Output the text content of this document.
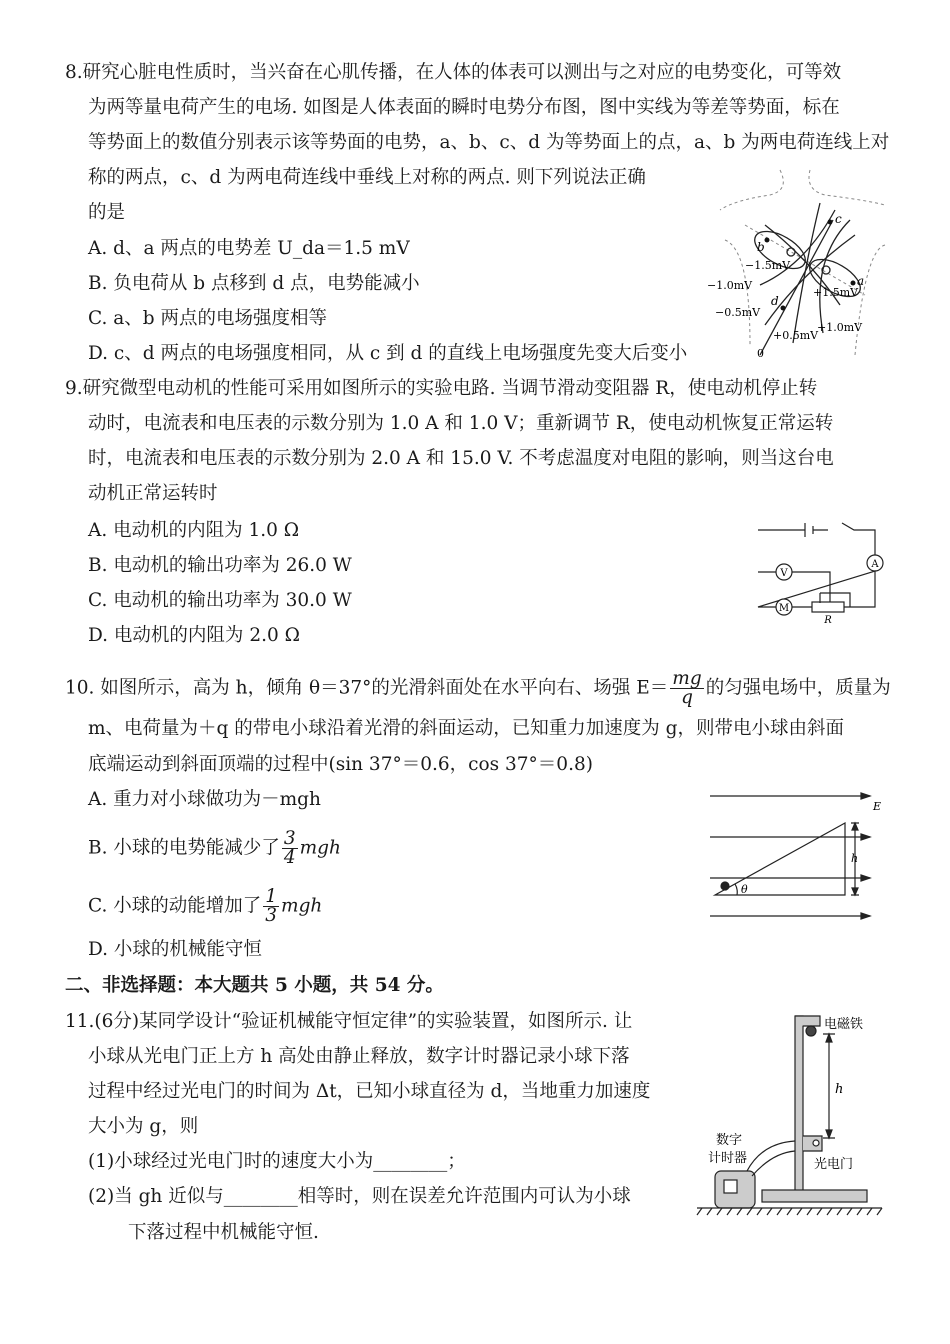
8.研究心脏电性质时，当兴奋在心肌传播，在人体的体表可以测出与之对应的电势变化，可等效
为两等量电荷产生的电场. 如图是人体表面的瞬时电势分布图，图中实线为等差等势面，标在
等势面上的数值分别表示该等势面的电势，a、b、c、d 为等势面上的点，a、b 为两电荷连线上对
称的两点，c、d 为两电荷连线中垂线上对称的两点. 则下列说法正确
的是
A. d、a 两点的电势差 U_da＝1.5 mV
B. 负电荷从 b 点移到 d 点，电势能减小
C. a、b 两点的电场强度相等
D. c、d 两点的电场强度相同，从 c 到 d 的直线上电场强度先变大后变小
−1.5mV
−1.0mV
−0.5mV
0
+0.5mV
+1.0mV
+1.5mV
a
b
c
d
9.研究微型电动机的性能可采用如图所示的实验电路. 当调节滑动变阻器 R，使电动机停止转
动时，电流表和电压表的示数分别为 1.0 A 和 1.0 V；重新调节 R，使电动机恢复正常运转
时，电流表和电压表的示数分别为 2.0 A 和 15.0 V. 不考虑温度对电阻的影响，则当这台电
动机正常运转时
A. 电动机的内阻为 1.0 Ω
B. 电动机的输出功率为 26.0 W
C. 电动机的输出功率为 30.0 W
D. 电动机的内阻为 2.0 Ω
A
V
M
R
10. 如图所示，高为 h，倾角 θ＝37°的光滑斜面处在水平向右、场强 $E= \frac{mg}{q}$ 的匀强电场中，质量为
m、电荷量为＋q 的带电小球沿着光滑的斜面运动，已知重力加速度为 g，则带电小球由斜面
底端运动到斜面顶端的过程中(sin 37°＝0.6，cos 37°＝0.8)
A. 重力对小球做功为－mgh
B. 小球的电势能减少了 $\frac{3}{4}$ mgh
C. 小球的动能增加了 $\frac{1}{3}$ mgh
D. 小球的机械能守恒
E
h
θ
二、非选择题：本大题共 5 小题，共 54 分。
11.(6分)某同学设计“验证机械能守恒定律”的实验装置，如图所示. 让
小球从光电门正上方 h 高处由静止释放，数字计时器记录小球下落
过程中经过光电门的时间为 Δt，已知小球直径为 d，当地重力加速度
大小为 g，则
(1)小球经过光电门时的速度大小为________；
(2)当 gh 近似与________相等时，则在误差允许范围内可认为小球
下落过程中机械能守恒.
电磁铁
h
数字
计时器	光电门
